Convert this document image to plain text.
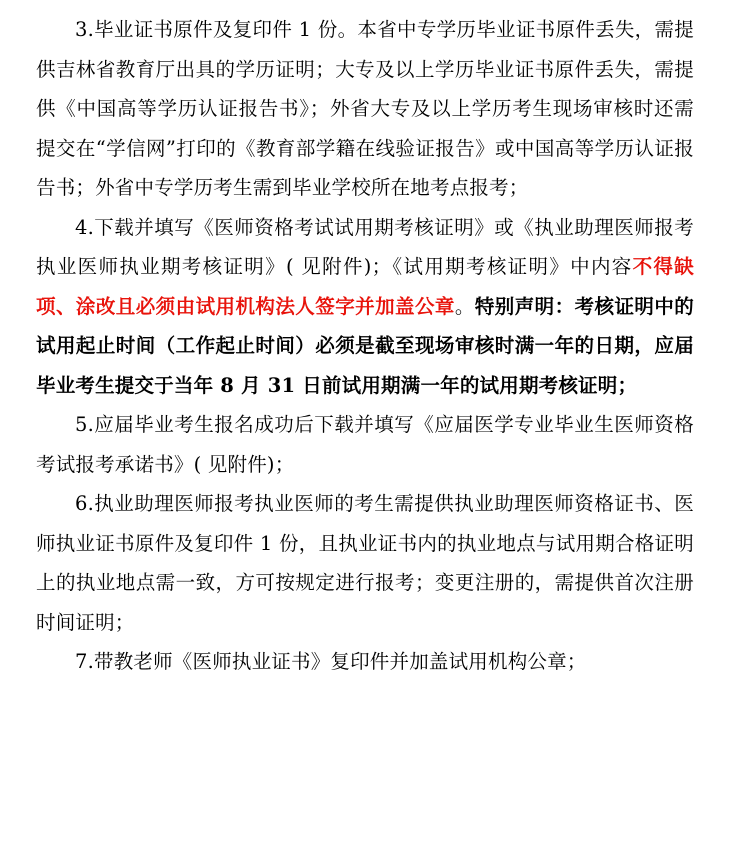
3.毕业证书原件及复印件 1 份。本省中专学历毕业证书原件丢失，需提供吉林省教育厅出具的学历证明；大专及以上学历毕业证书原件丢失，需提供《中国高等学历认证报告书》；外省大专及以上学历考生现场审核时还需提交在“学信网”打印的《教育部学籍在线验证报告》或中国高等学历认证报告书；外省中专学历考生需到毕业学校所在地考点报考；

4.下载并填写《医师资格考试试用期考核证明》或《执业助理医师报考执业医师执业期考核证明》( 见附件)；《试用期考核证明》中内容不得缺项、涂改且必须由试用机构法人签字并加盖公章。特别声明：考核证明中的试用起止时间（工作起止时间）必须是截至现场审核时满一年的日期，应届毕业考生提交于当年 8 月 31 日前试用期满一年的试用期考核证明；

5.应届毕业考生报名成功后下载并填写《应届医学专业毕业生医师资格考试报考承诺书》( 见附件)；

6.执业助理医师报考执业医师的考生需提供执业助理医师资格证书、医师执业证书原件及复印件 1 份，且执业证书内的执业地点与试用期合格证明上的执业地点需一致，方可按规定进行报考；变更注册的，需提供首次注册时间证明；

7.带教老师《医师执业证书》复印件并加盖试用机构公章；
